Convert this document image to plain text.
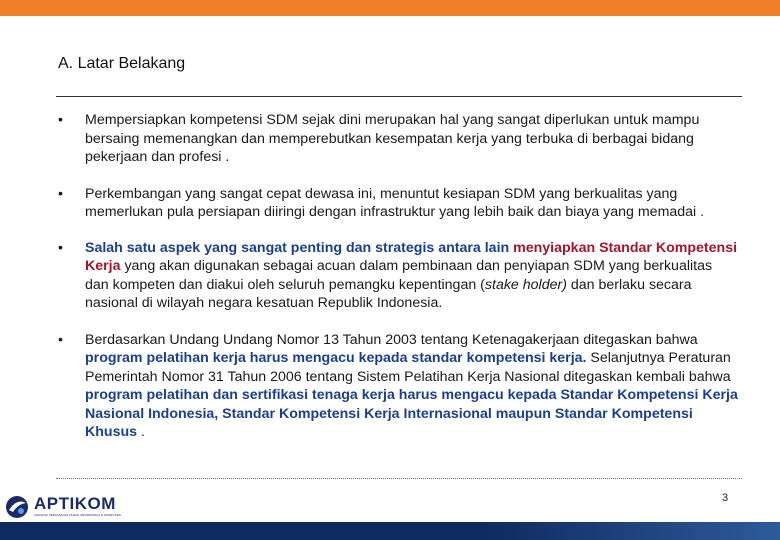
A. Latar Belakang
• Mempersiapkan kompetensi SDM sejak dini merupakan hal yang sangat diperlukan untuk mampu bersaing memenangkan dan memperebutkan kesempatan kerja yang terbuka di berbagai bidang pekerjaan dan profesi .
• Perkembangan yang sangat cepat dewasa ini, menuntut kesiapan SDM yang berkualitas yang memerlukan pula persiapan diiringi dengan infrastruktur yang lebih baik dan biaya yang memadai .
• Salah satu aspek yang sangat penting dan strategis antara lain menyiapkan Standar Kompetensi Kerja yang akan digunakan sebagai acuan dalam pembinaan dan penyiapan SDM yang berkualitas dan kompeten dan diakui oleh seluruh pemangku kepentingan (stake holder) dan berlaku secara nasional di wilayah negara kesatuan Republik Indonesia.
• Berdasarkan Undang Undang Nomor 13 Tahun 2003 tentang Ketenagakerjaan ditegaskan bahwa program pelatihan kerja harus mengacu kepada standar kompetensi kerja. Selanjutnya Peraturan Pemerintah Nomor 31 Tahun 2006 tentang Sistem Pelatihan Kerja Nasional ditegaskan kembali bahwa program pelatihan dan sertifikasi tenaga kerja harus mengacu kepada Standar Kompetensi Kerja Nasional Indonesia, Standar Kompetensi Kerja Internasional maupun Standar Kompetensi Khusus .
3
APTIKOM
ASOSIASI PERGURUAN TINGGI INFORMATIKA & KOMPUTER
